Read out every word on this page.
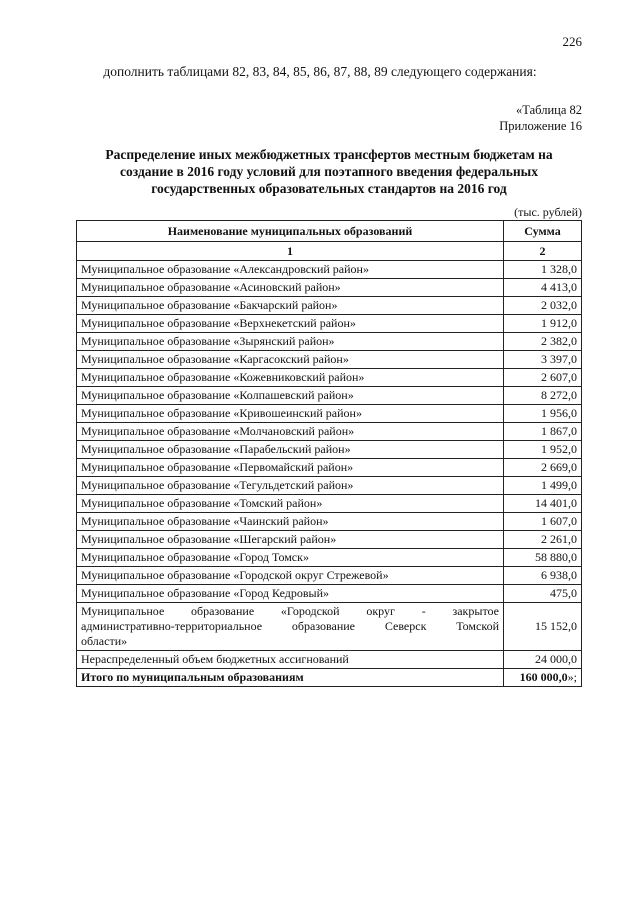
226
дополнить таблицами 82, 83, 84, 85, 86, 87, 88, 89 следующего содержания:
«Таблица 82
Приложение 16
Распределение иных межбюджетных трансфертов местным бюджетам на создание в 2016 году условий для поэтапного введения федеральных государственных образовательных стандартов на 2016 год
(тыс. рублей)
Наименование муниципальных образований	Сумма
1	2
Муниципальное образование «Александровский район»	1 328,0
Муниципальное образование «Асиновский район»	4 413,0
Муниципальное образование «Бакчарский район»	2 032,0
Муниципальное образование «Верхнекетский район»	1 912,0
Муниципальное образование «Зырянский район»	2 382,0
Муниципальное образование «Каргасокский район»	3 397,0
Муниципальное образование «Кожевниковский район»	2 607,0
Муниципальное образование «Колпашевский район»	8 272,0
Муниципальное образование «Кривошеинский район»	1 956,0
Муниципальное образование «Молчановский район»	1 867,0
Муниципальное образование «Парабельский район»	1 952,0
Муниципальное образование «Первомайский район»	2 669,0
Муниципальное образование «Тегульдетский район»	1 499,0
Муниципальное образование «Томский район»	14 401,0
Муниципальное образование «Чаинский район»	1 607,0
Муниципальное образование «Шегарский район»	2 261,0
Муниципальное образование «Город Томск»	58 880,0
Муниципальное образование «Городской округ Стрежевой»	6 938,0
Муниципальное образование «Город Кедровый»	475,0

Муниципальное образование «Городской округ - закрытое
административно-территориальное образование Северск Томской
области»	15 152,0
Нераспределенный объем бюджетных ассигнований	24 000,0
Итого по муниципальным образованиям	160 000,0»;
